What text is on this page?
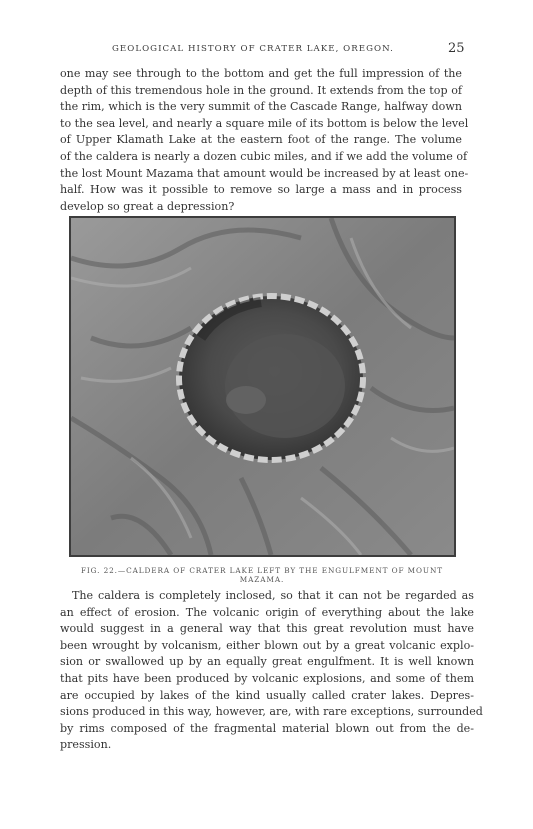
GEOLOGICAL HISTORY OF CRATER LAKE, OREGON.	25
one may see through to the bottom and get the full impression of the
depth of this tremendous hole in the ground. It extends from the top of
the rim, which is the very summit of the Cascade Range, halfway down
to the sea level, and nearly a square mile of its bottom is below the level
of Upper Klamath Lake at the eastern foot of the range. The volume
of the caldera is nearly a dozen cubic miles, and if we add the volume of
the lost Mount Mazama that amount would be increased by at least one-
half. How was it possible to remove so large a mass and in process
develop so great a depression?
FIG. 22.—CALDERA OF CRATER LAKE LEFT BY THE ENGULFMENT OF MOUNT MAZAMA.
The caldera is completely inclosed, so that it can not be regarded as
an effect of erosion. The volcanic origin of everything about the lake
would suggest in a general way that this great revolution must have
been wrought by volcanism, either blown out by a great volcanic explo-
sion or swallowed up by an equally great engulfment. It is well known
that pits have been produced by volcanic explosions, and some of them
are occupied by lakes of the kind usually called crater lakes. Depres-
sions produced in this way, however, are, with rare exceptions, surrounded
by rims composed of the fragmental material blown out from the de-
pression.
